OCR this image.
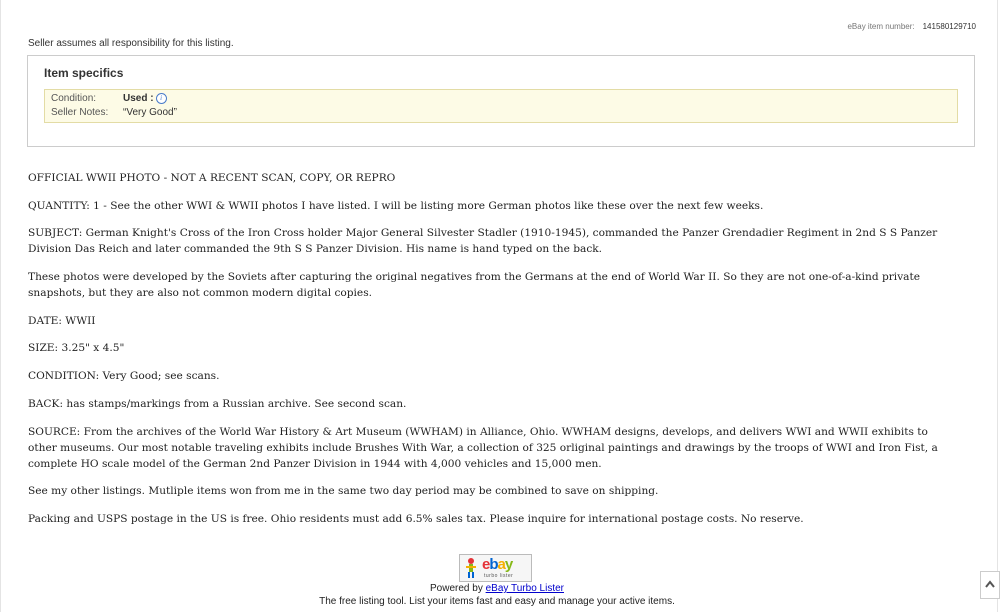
eBay item number: 141580129710
Seller assumes all responsibility for this listing.
Item specifics
Condition:	Used : i
Seller Notes:	“Very Good”

OFFICIAL WWII PHOTO - NOT A RECENT SCAN, COPY, OR REPRO

QUANTITY: 1 - See the other WWI & WWII photos I have listed. I will be listing more German photos like these over the next few weeks.

SUBJECT: German Knight's Cross of the Iron Cross holder Major General Silvester Stadler (1910-1945), commanded the Panzer Grendadier Regiment in 2nd S S Panzer Division Das Reich and later commanded the 9th S S Panzer Division. His name is hand typed on the back.

These photos were developed by the Soviets after capturing the original negatives from the Germans at the end of World War II. So they are not one-of-a-kind private snapshots, but they are also not common modern digital copies.

DATE: WWII

SIZE: 3.25" x 4.5"

CONDITION: Very Good; see scans.

BACK: has stamps/markings from a Russian archive. See second scan.

SOURCE: From the archives of the World War History & Art Museum (WWHAM) in Alliance, Ohio. WWHAM designs, develops, and delivers WWI and WWII exhibits to other museums. Our most notable traveling exhibits include Brushes With War, a collection of 325 orliginal paintings and drawings by the troops of WWI and Iron Fist, a complete HO scale model of the German 2nd Panzer Division in 1944 with 4,000 vehicles and 15,000 men.

See my other listings. Mutliple items won from me in the same two day period may be combined to save on shipping.

Packing and USPS postage in the US is free. Ohio residents must add 6.5% sales tax. Please inquire for international postage costs. No reserve.

ebay
turbo lister
Powered by eBay Turbo Lister
The free listing tool. List your items fast and easy and manage your active items.
